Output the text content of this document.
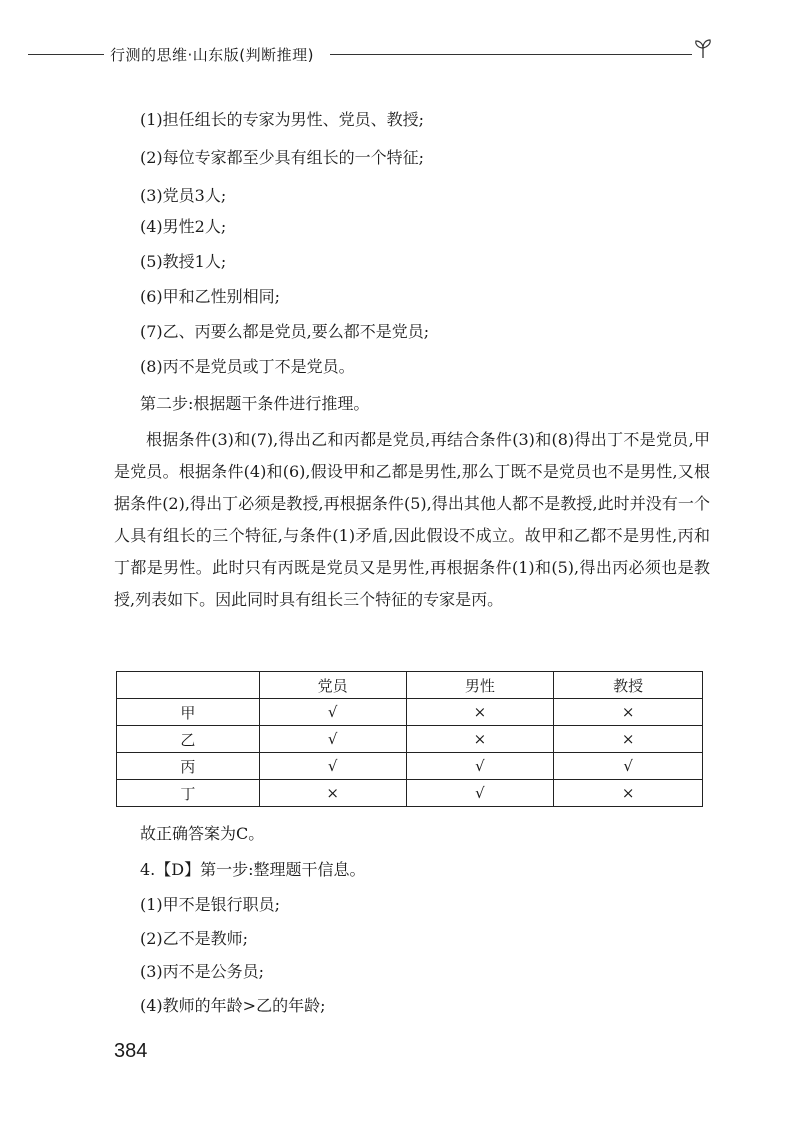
行测的思维·山东版(判断推理)
(1)担任组长的专家为男性、党员、教授;
(2)每位专家都至少具有组长的一个特征;
(3)党员3人;
(4)男性2人;
(5)教授1人;
(6)甲和乙性别相同;
(7)乙、丙要么都是党员,要么都不是党员;
(8)丙不是党员或丁不是党员。
第二步:根据题干条件进行推理。
根据条件(3)和(7),得出乙和丙都是党员,再结合条件(3)和(8)得出丁不是党员,甲是党员。根据条件(4)和(6),假设甲和乙都是男性,那么丁既不是党员也不是男性,又根据条件(2),得出丁必须是教授,再根据条件(5),得出其他人都不是教授,此时并没有一个人具有组长的三个特征,与条件(1)矛盾,因此假设不成立。故甲和乙都不是男性,丙和丁都是男性。此时只有丙既是党员又是男性,再根据条件(1)和(5),得出丙必须也是教授,列表如下。因此同时具有组长三个特征的专家是丙。
	党员	男性	教授
甲	√	×	×
乙	√	×	×
丙	√	√	√
丁	×	√	×
故正确答案为C。
4.【D】第一步:整理题干信息。
(1)甲不是银行职员;
(2)乙不是教师;
(3)丙不是公务员;
(4)教师的年龄>乙的年龄;
384
